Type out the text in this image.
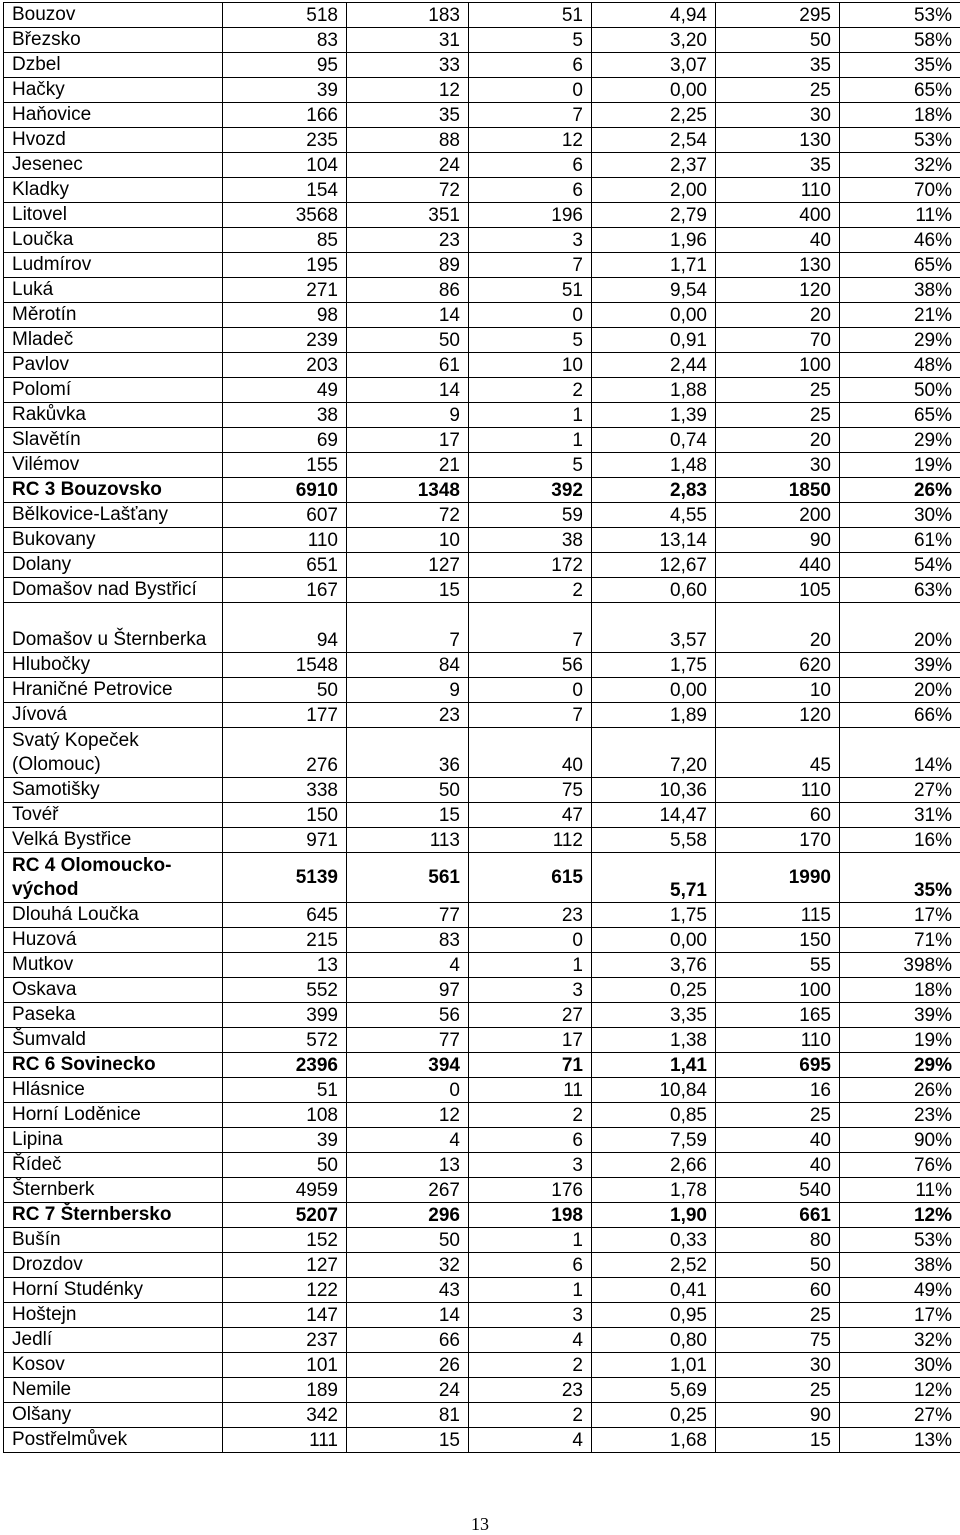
Bouzov	518	183	51	4,94	295	53%
Březsko	83	31	5	3,20	50	58%
Dzbel	95	33	6	3,07	35	35%
Hačky	39	12	0	0,00	25	65%
Haňovice	166	35	7	2,25	30	18%
Hvozd	235	88	12	2,54	130	53%
Jesenec	104	24	6	2,37	35	32%
Kladky	154	72	6	2,00	110	70%
Litovel	3568	351	196	2,79	400	11%
Loučka	85	23	3	1,96	40	46%
Ludmírov	195	89	7	1,71	130	65%
Luká	271	86	51	9,54	120	38%
Měrotín	98	14	0	0,00	20	21%
Mladeč	239	50	5	0,91	70	29%
Pavlov	203	61	10	2,44	100	48%
Polomí	49	14	2	1,88	25	50%
Rakůvka	38	9	1	1,39	25	65%
Slavětín	69	17	1	0,74	20	29%
Vilémov	155	21	5	1,48	30	19%
RC 3 Bouzovsko	6910	1348	392	2,83	1850	26%
Bělkovice-Lašťany	607	72	59	4,55	200	30%
Bukovany	110	10	38	13,14	90	61%
Dolany	651	127	172	12,67	440	54%
Domašov nad Bystřicí	167	15	2	0,60	105	63%
Domašov u Šternberka	94	7	7	3,57	20	20%
Hlubočky	1548	84	56	1,75	620	39%
Hraničné Petrovice	50	9	0	0,00	10	20%
Jívová	177	23	7	1,89	120	66%
Svatý Kopeček (Olomouc)	276	36	40	7,20	45	14%
Samotišky	338	50	75	10,36	110	27%
Tovéř	150	15	47	14,47	60	31%
Velká Bystřice	971	113	112	5,58	170	16%
RC 4 Olomoucko-východ	5139	561	615	5,71	1990	35%
Dlouhá Loučka	645	77	23	1,75	115	17%
Huzová	215	83	0	0,00	150	71%
Mutkov	13	4	1	3,76	55	398%
Oskava	552	97	3	0,25	100	18%
Paseka	399	56	27	3,35	165	39%
Šumvald	572	77	17	1,38	110	19%
RC 6 Sovinecko	2396	394	71	1,41	695	29%
Hlásnice	51	0	11	10,84	16	26%
Horní Loděnice	108	12	2	0,85	25	23%
Lipina	39	4	6	7,59	40	90%
Řídeč	50	13	3	2,66	40	76%
Šternberk	4959	267	176	1,78	540	11%
RC 7 Šternbersko	5207	296	198	1,90	661	12%
Bušín	152	50	1	0,33	80	53%
Drozdov	127	32	6	2,52	50	38%
Horní Studénky	122	43	1	0,41	60	49%
Hoštejn	147	14	3	0,95	25	17%
Jedlí	237	66	4	0,80	75	32%
Kosov	101	26	2	1,01	30	30%
Nemile	189	24	23	5,69	25	12%
Olšany	342	81	2	0,25	90	27%
Postřelmůvek	111	15	4	1,68	15	13%
13
